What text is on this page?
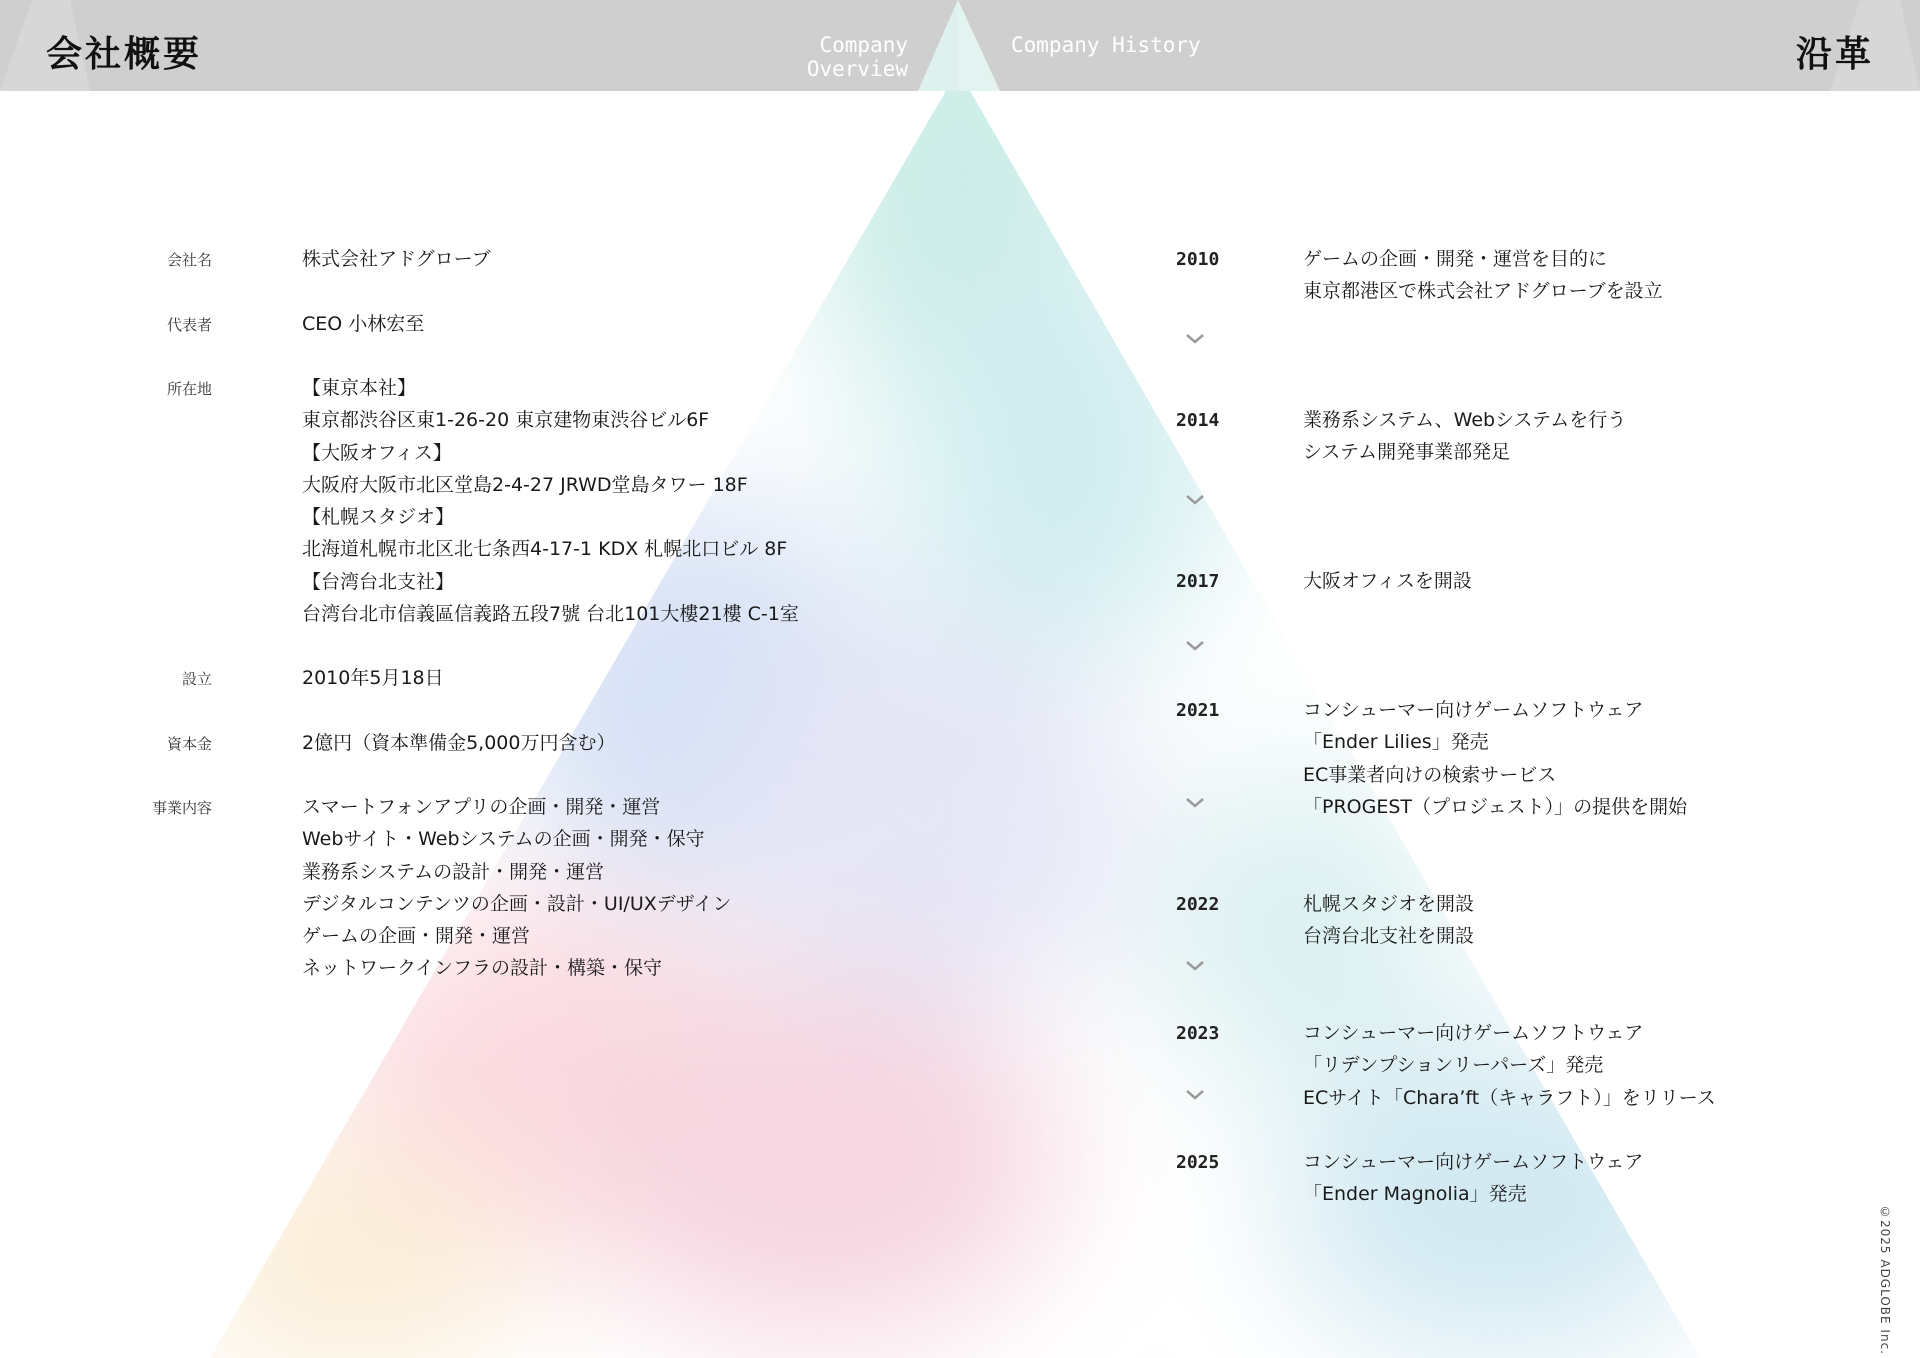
会社概要	Company Overview
Company History	沿革
会社名	株式会社アドグローブ
代表者	CEO 小林宏至
所在地	【東京本社】
東京都渋谷区東1-26-20 東京建物東渋谷ビル6F
【大阪オフィス】
大阪府大阪市北区堂島2-4-27 JRWD堂島タワー 18F
【札幌スタジオ】
北海道札幌市北区北七条西4-17-1 KDX 札幌北口ビル 8F
【台湾台北支社】
台湾台北市信義區信義路五段7號 台北101大樓21樓 C-1室
設立	2010年5月18日
資本金	2億円（資本準備金5,000万円含む）
事業内容	スマートフォンアプリの企画・開発・運営
Webサイト・Webシステムの企画・開発・保守
業務系システムの設計・開発・運営
デジタルコンテンツの企画・設計・UI/UXデザイン
ゲームの企画・開発・運営
ネットワークインフラの設計・構築・保守
2010	ゲームの企画・開発・運営を目的に
東京都港区で株式会社アドグローブを設立
2014	業務系システム、Webシステムを行う
システム開発事業部発足
2017	大阪オフィスを開設
2021	コンシューマー向けゲームソフトウェア
「Ender Lilies」発売
EC事業者向けの検索サービス
「PROGEST（プロジェスト）」の提供を開始
2022	札幌スタジオを開設
台湾台北支社を開設
2023	コンシューマー向けゲームソフトウェア
「リデンプションリーパーズ」発売
ECサイト「Chara’ft（キャラフト）」をリリース
2025	コンシューマー向けゲームソフトウェア
「Ender Magnolia」発売
©2025 ADGLOBE Inc.
